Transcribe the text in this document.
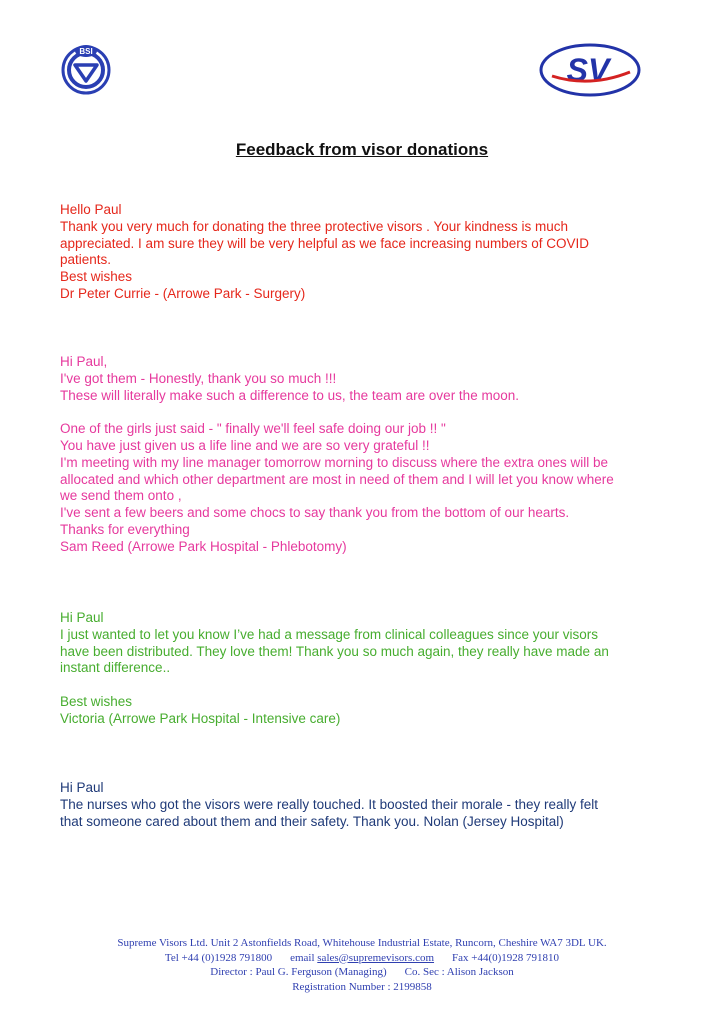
BSI
SV
Feedback from visor donations

Hello Paul

Thank you very much for donating the three protective visors . Your kindness is much

appreciated. I am sure they will be very helpful as we face increasing numbers of COVID

patients.

Best wishes

Dr Peter Currie - (Arrowe Park - Surgery)

Hi Paul,

I've got them - Honestly, thank you so much !!!

These will literally make such a difference to us, the team are over the moon.

One of the girls just said - " finally we'll feel safe doing our job !! "

You have just given us a life line and we are so very grateful !!

I'm meeting with my line manager tomorrow morning to discuss where the extra ones will be

allocated and which other department are most in need of them and I will let you know where

we send them onto ,

I've sent a few beers and some chocs to say thank you from the bottom of our hearts.

Thanks for everything

Sam Reed (Arrowe Park Hospital - Phlebotomy)

Hi Paul

I just wanted to let you know I’ve had a message from clinical colleagues since your visors

have been distributed. They love them! Thank you so much again, they really have made an

instant difference..

Best wishes

Victoria (Arrowe Park Hospital - Intensive care)

Hi Paul

The nurses who got the visors were really touched. It boosted their morale - they really felt

that someone cared about them and their safety. Thank you. Nolan (Jersey Hospital)

Supreme Visors Ltd. Unit 2 Astonfields Road, Whitehouse Industrial Estate, Runcorn, Cheshire WA7 3DL UK.

Tel +44 (0)1928 791800 email sales@supremevisors.com Fax +44(0)1928 791810

Director : Paul G. Ferguson (Managing) Co. Sec : Alison Jackson

Registration Number : 2199858
